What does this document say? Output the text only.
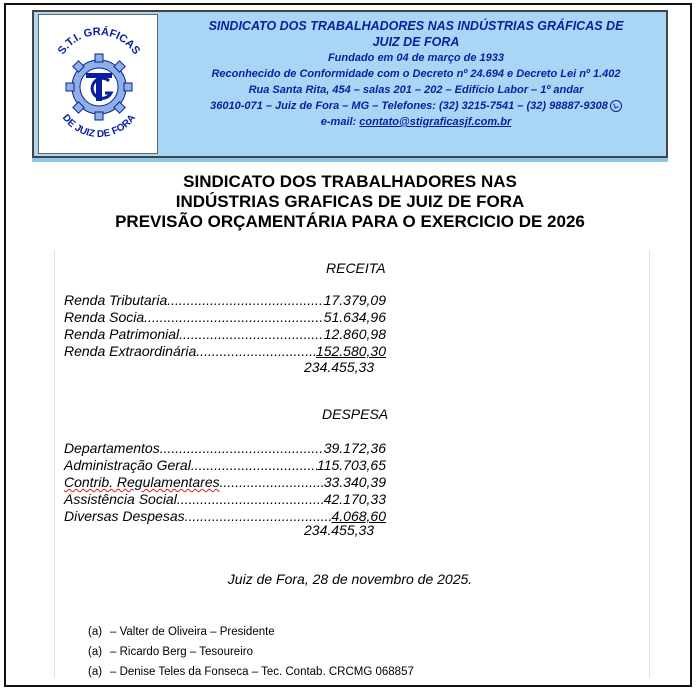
S.T.I. GRÁFICAS
DE JUIZ DE FORA
SINDICATO DOS TRABALHADORES NAS INDÚSTRIAS GRÁFICAS DE
JUIZ DE FORA
Fundado em 04 de março de 1933
Reconhecido de Conformidade com o Decreto nº 24.694 e Decreto Lei nº 1.402
Rua Santa Rita, 454 – salas 201 – 202 – Edifício Labor – 1º andar
36010-071 – Juiz de Fora – MG – Telefones: (32) 3215-7541 – (32) 98887-9308
e-mail: contato@stigraficasjf.com.br
SINDICATO DOS TRABALHADORES NAS
INDÚSTRIAS GRAFICAS DE JUIZ DE FORA
PREVISÃO ORÇAMENTÁRIA PARA O EXERCICIO DE 2026
RECEITA
Renda Tributaria .....	17.379,09
Renda Socia .....	51.634,96
Renda Patrimonial .....	12.860,98
Renda Extraordinária .....	152.580,30
234.455,33
DESPESA
Departamentos .....	39.172,36
Administração Geral .....	115.703,65
Contrib. Regulamentares .....	33.340,39
Assistência Social .....	42.170,33
Diversas Despesas .....	4.068,60
234.455,33
Juiz de Fora, 28 de novembro de 2025.
(a) – Valter de Oliveira – Presidente
(a) – Ricardo Berg – Tesoureiro
(a) – Denise Teles da Fonseca – Tec. Contab. CRCMG 068857
